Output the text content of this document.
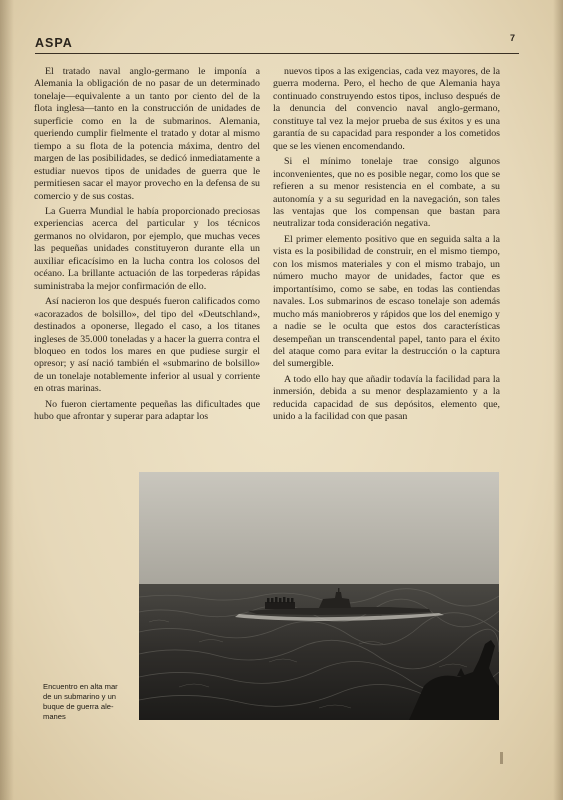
ASPA	7

El tratado naval anglo-germano le imponía a Alemania la obligación de no pasar de un determinado tonelaje—equivalente a un tanto por ciento del de la flota inglesa—tanto en la construcción de unidades de superficie como en la de submarinos. Alemania, queriendo cumplir fielmente el tratado y dotar al mismo tiempo a su flota de la potencia máxima, dentro del margen de las posibilidades, se dedicó inmediatamente a estudiar nuevos tipos de unidades de guerra que le permitiesen sacar el mayor provecho en la defensa de su comercio y de sus costas.

La Guerra Mundial le había proporcionado preciosas experiencias acerca del particular y los técnicos germanos no olvidaron, por ejemplo, que muchas veces las pequeñas unidades constituyeron durante ella un auxiliar eficacísimo en la lucha contra los colosos del océano. La brillante actuación de las torpederas rápidas suministraba la mejor confirmación de ello.

Así nacieron los que después fueron calificados como «acorazados de bolsillo», del tipo del «Deutschland», destinados a oponerse, llegado el caso, a los titanes ingleses de 35.000 toneladas y a hacer la guerra contra el bloqueo en todos los mares en que pudiese surgir el opresor; y así nació también el «submarino de bolsillo» de un tonelaje notablemente inferior al usual y corriente en otras marinas.

No fueron ciertamente pequeñas las dificultades que hubo que afrontar y superar para adaptar los

nuevos tipos a las exigencias, cada vez mayores, de la guerra moderna. Pero, el hecho de que Alemania haya continuado construyendo estos tipos, incluso después de la denuncia del convencio naval anglo-germano, constituye tal vez la mejor prueba de sus éxitos y es una garantía de su capacidad para responder a los cometidos que se les vienen encomendando.

Si el mínimo tonelaje trae consigo algunos inconvenientes, que no es posible negar, como los que se refieren a su menor resistencia en el combate, a su autonomía y a su seguridad en la navegación, son tales las ventajas que los compensan que bastan para neutralizar toda consideración negativa.

El primer elemento positivo que en seguida salta a la vista es la posibilidad de construir, en el mismo tiempo, con los mismos materiales y con el mismo trabajo, un número mucho mayor de unidades, factor que es importantísimo, como se sabe, en todas las contiendas navales. Los submarinos de escaso tonelaje son además mucho más maniobreros y rápidos que los del enemigo y a nadie se le oculta que estos dos características desempeñan un transcendental papel, tanto para el éxito del ataque como para evitar la destrucción o la captura del sumergible.

A todo ello hay que añadir todavía la facilidad para la inmersión, debida a su menor desplazamiento y a la reducida capacidad de sus depósitos, elemento que, unido a la facilidad con que pasan

Encuentro en alta mar
de un submarino y un
buque de guerra ale-
manes
